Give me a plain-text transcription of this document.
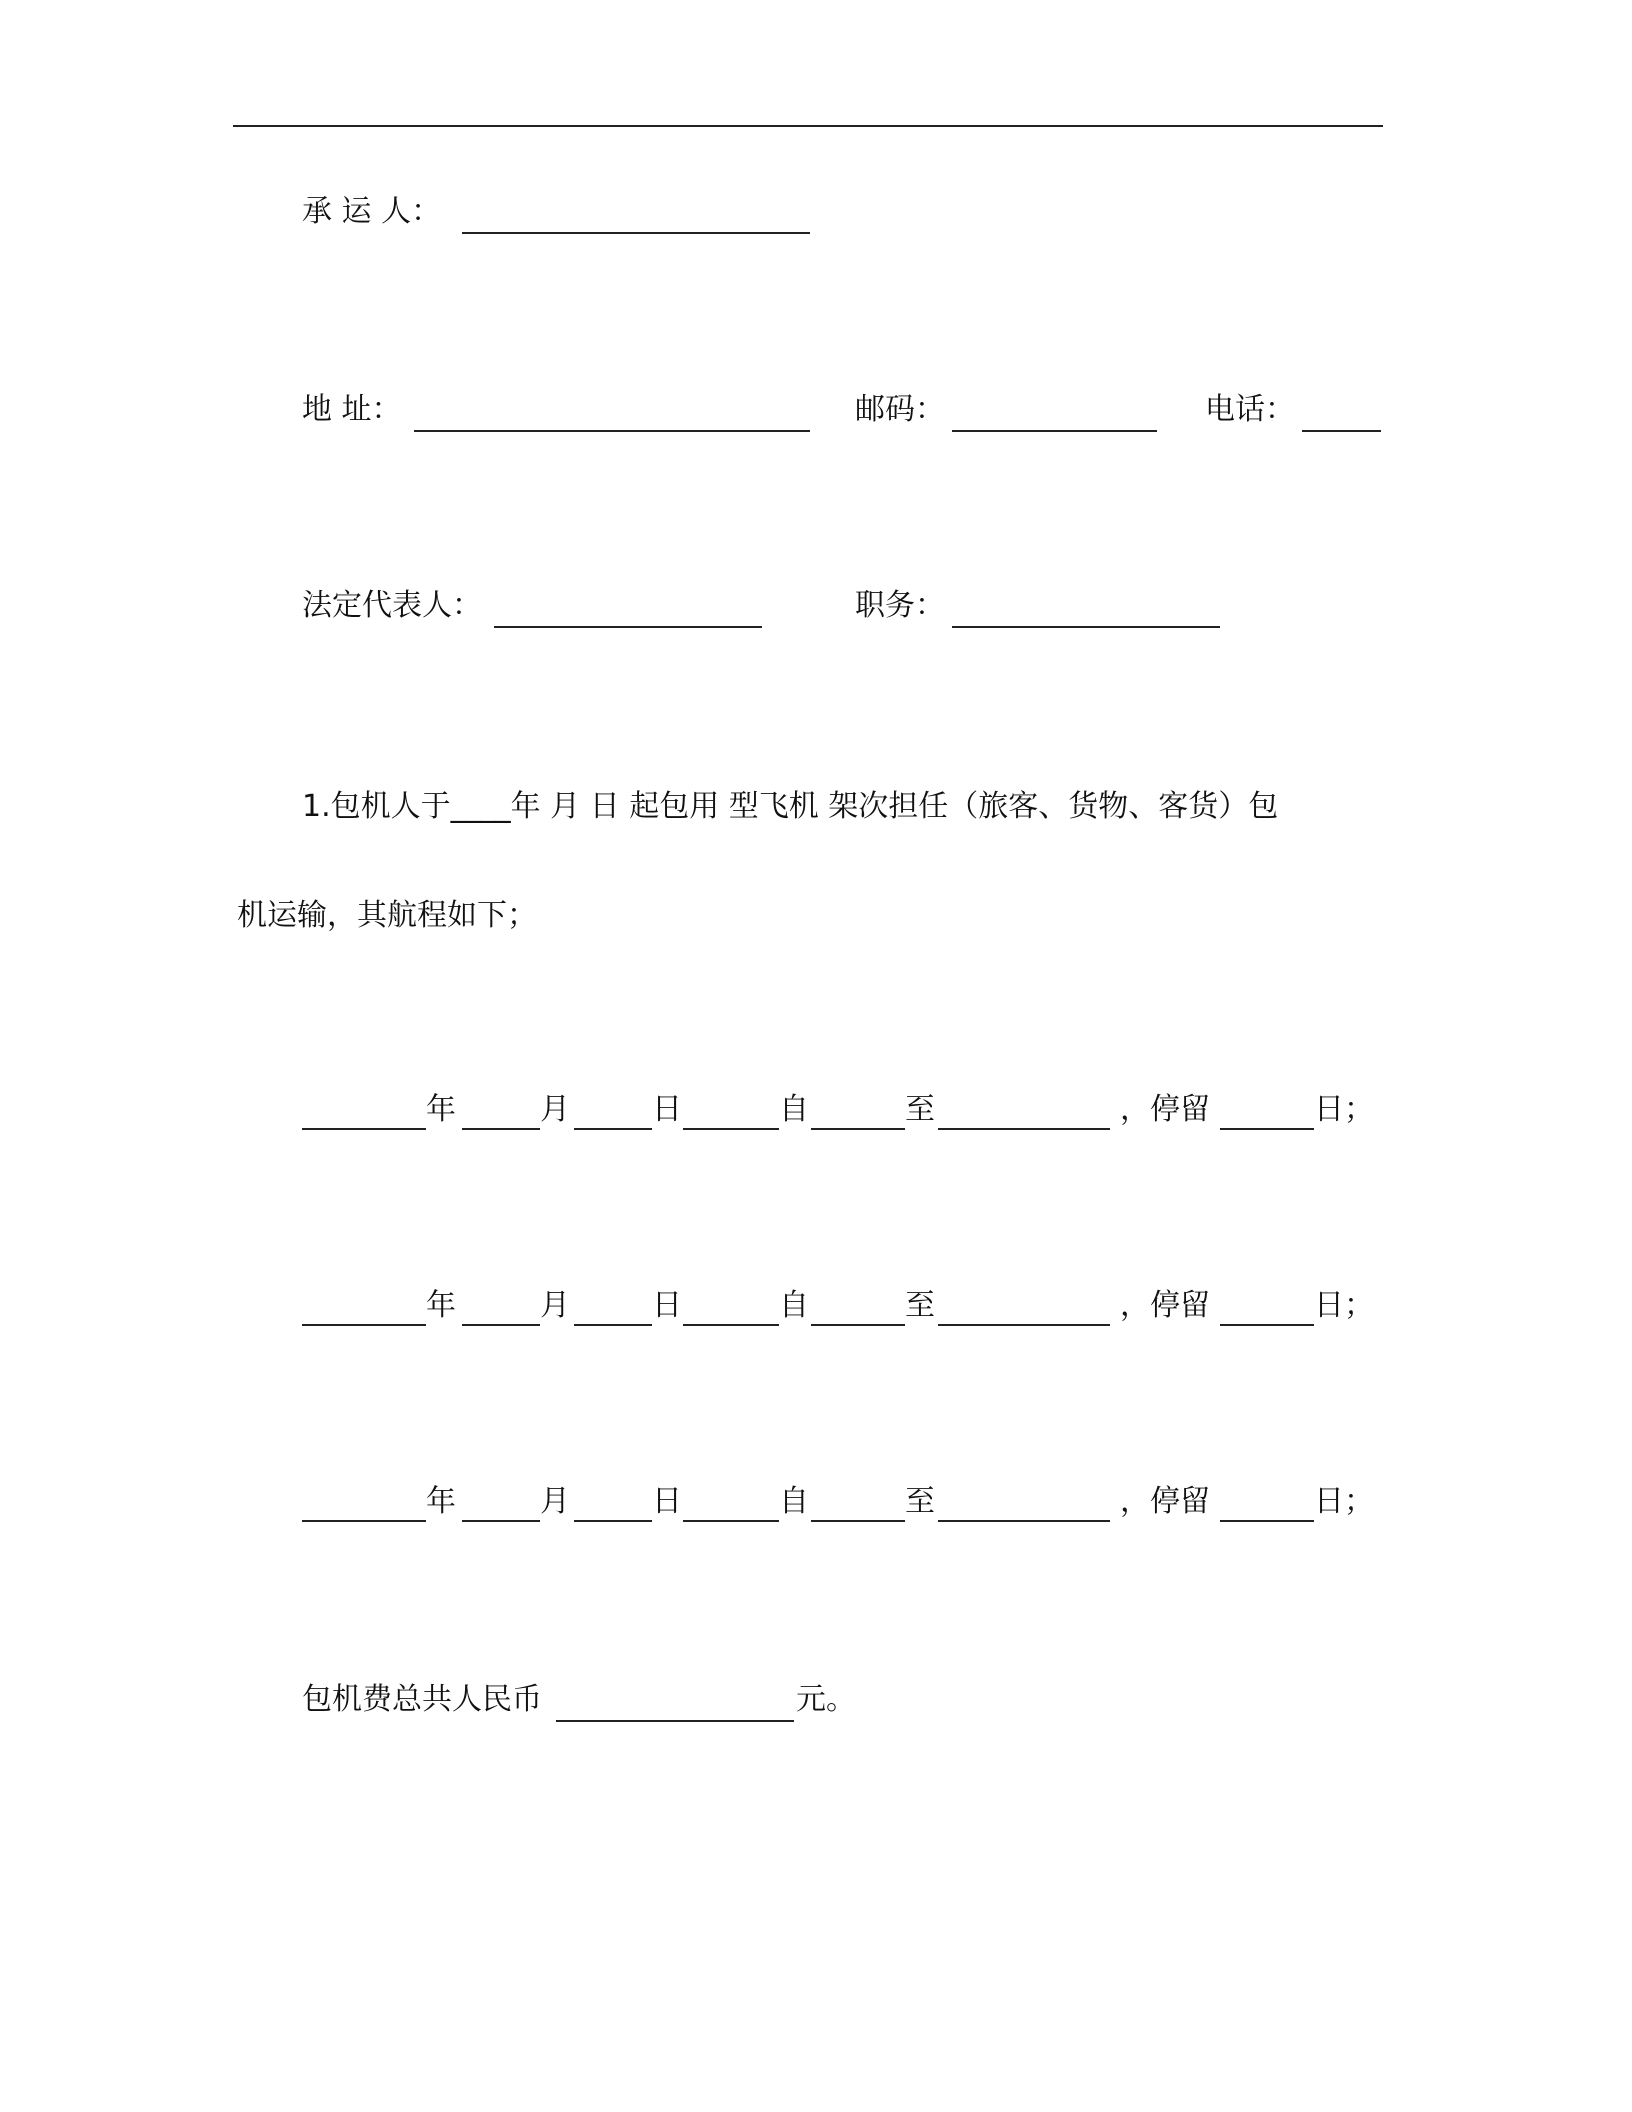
承 运 人：
地 址：	邮码：	电话：
法定代表人：	职务：
1.包机人于____年 月 日 起包用 型飞机 架次担任（旅客、货物、客货）包
机运输，其航程如下；
年	月	日	自	至	，停留	日；
年	月	日	自	至	，停留	日；
年	月	日	自	至	，停留	日；
包机费总共人民币	元。
